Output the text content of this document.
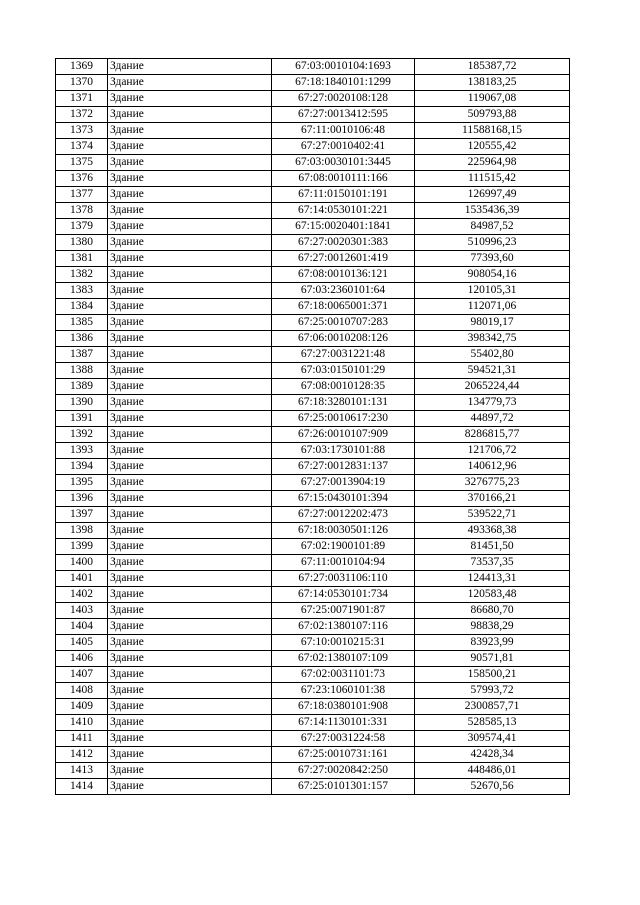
1369	Здание	67:03:0010104:1693	185387,72
1370	Здание	67:18:1840101:1299	138183,25
1371	Здание	67:27:0020108:128	119067,08
1372	Здание	67:27:0013412:595	509793,88
1373	Здание	67:11:0010106:48	11588168,15
1374	Здание	67:27:0010402:41	120555,42
1375	Здание	67:03:0030101:3445	225964,98
1376	Здание	67:08:0010111:166	111515,42
1377	Здание	67:11:0150101:191	126997,49
1378	Здание	67:14:0530101:221	1535436,39
1379	Здание	67:15:0020401:1841	84987,52
1380	Здание	67:27:0020301:383	510996,23
1381	Здание	67:27:0012601:419	77393,60
1382	Здание	67:08:0010136:121	908054,16
1383	Здание	67:03:2360101:64	120105,31
1384	Здание	67:18:0065001:371	112071,06
1385	Здание	67:25:0010707:283	98019,17
1386	Здание	67:06:0010208:126	398342,75
1387	Здание	67:27:0031221:48	55402,80
1388	Здание	67:03:0150101:29	594521,31
1389	Здание	67:08:0010128:35	2065224,44
1390	Здание	67:18:3280101:131	134779,73
1391	Здание	67:25:0010617:230	44897,72
1392	Здание	67:26:0010107:909	8286815,77
1393	Здание	67:03:1730101:88	121706,72
1394	Здание	67:27:0012831:137	140612,96
1395	Здание	67:27:0013904:19	3276775,23
1396	Здание	67:15:0430101:394	370166,21
1397	Здание	67:27:0012202:473	539522,71
1398	Здание	67:18:0030501:126	493368,38
1399	Здание	67:02:1900101:89	81451,50
1400	Здание	67:11:0010104:94	73537,35
1401	Здание	67:27:0031106:110	124413,31
1402	Здание	67:14:0530101:734	120583,48
1403	Здание	67:25:0071901:87	86680,70
1404	Здание	67:02:1380107:116	98838,29
1405	Здание	67:10:0010215:31	83923,99
1406	Здание	67:02:1380107:109	90571,81
1407	Здание	67:02:0031101:73	158500,21
1408	Здание	67:23:1060101:38	57993,72
1409	Здание	67:18:0380101:908	2300857,71
1410	Здание	67:14:1130101:331	528585,13
1411	Здание	67:27:0031224:58	309574,41
1412	Здание	67:25:0010731:161	42428,34
1413	Здание	67:27:0020842:250	448486,01
1414	Здание	67:25:0101301:157	52670,56
